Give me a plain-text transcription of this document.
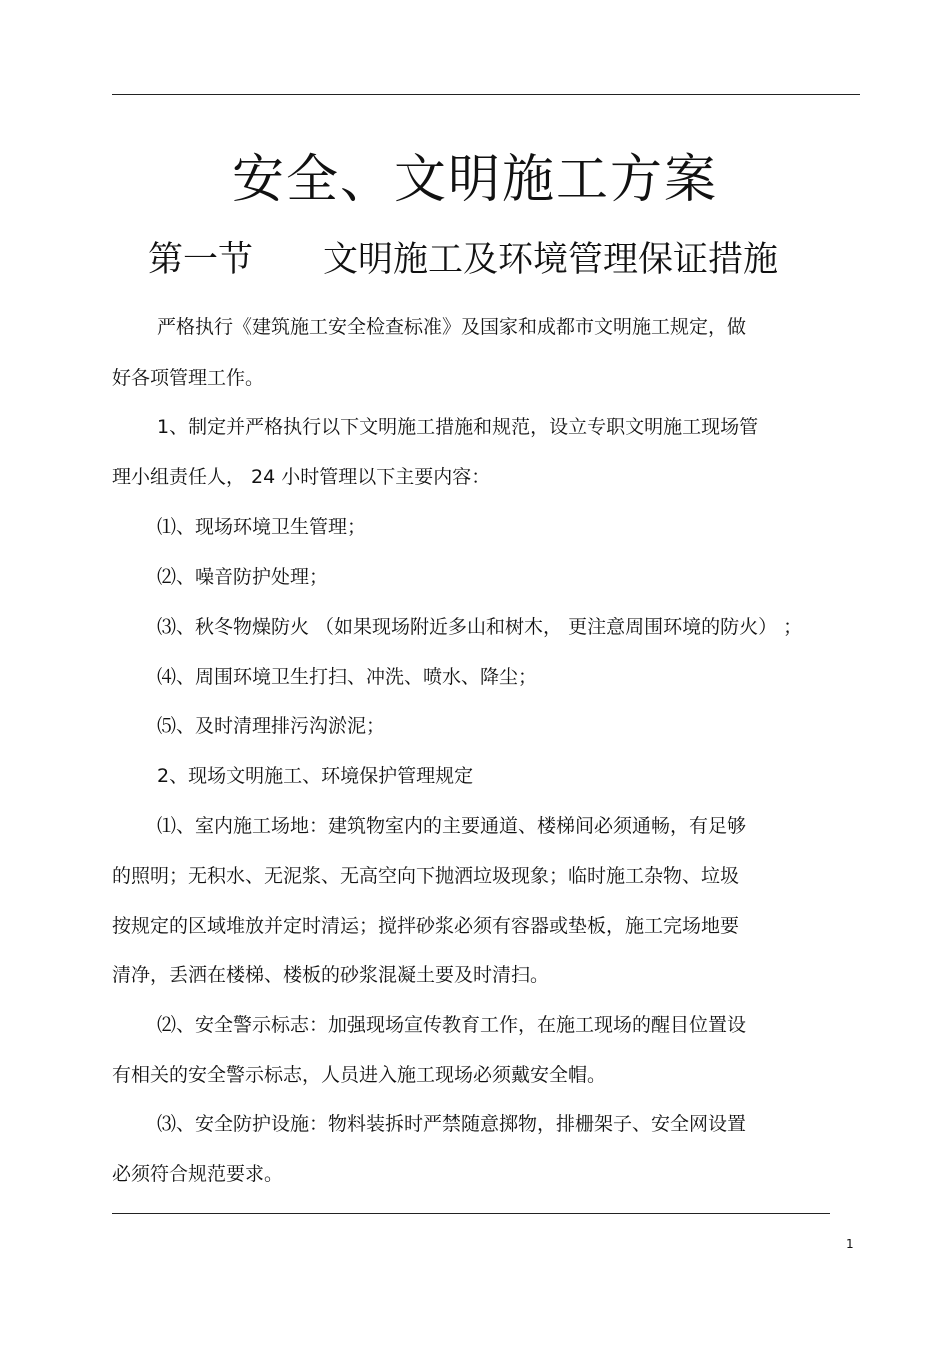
安全、文明施工方案
第一节 文明施工及环境管理保证措施
严格执行《建筑施工安全检查标准》及国家和成都市文明施工规定，做
好各项管理工作。
1、制定并严格执行以下文明施工措施和规范，设立专职文明施工现场管
理小组责任人， 24 小时管理以下主要内容：
⑴、现场环境卫生管理；
⑵、噪音防护处理；
⑶、秋冬物燥防火 （如果现场附近多山和树木， 更注意周围环境的防火） ；
⑷、周围环境卫生打扫、冲洗、喷水、降尘；
⑸、及时清理排污沟淤泥；
2、现场文明施工、环境保护管理规定
⑴、室内施工场地：建筑物室内的主要通道、楼梯间必须通畅，有足够
的照明；无积水、无泥浆、无高空向下抛洒垃圾现象；临时施工杂物、垃圾
按规定的区域堆放并定时清运；搅拌砂浆必须有容器或垫板，施工完场地要
清净，丢洒在楼梯、楼板的砂浆混凝土要及时清扫。
⑵、安全警示标志：加强现场宣传教育工作，在施工现场的醒目位置设
有相关的安全警示标志，人员进入施工现场必须戴安全帽。
⑶、安全防护设施：物料装拆时严禁随意掷物，排栅架子、安全网设置
必须符合规范要求。
1
